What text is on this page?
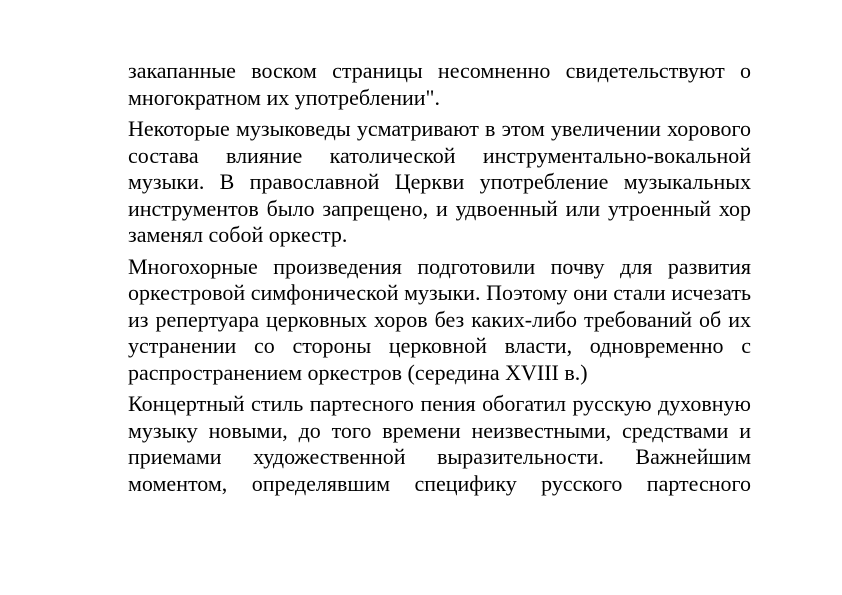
закапанные воском страницы несомненно свидетельствуют о многократном их употреблении".

Некоторые музыковеды усматривают в этом увеличении хорового состава влияние католической инструментально-вокальной музыки. В православной Церкви употребление музыкальных инструментов было запрещено, и удвоенный или утроенный хор заменял собой оркестр.

Многохорные произведения подготовили почву для развития оркестровой симфонической музыки. Поэтому они стали исчезать из репертуара церковных хоров без каких-либо требований об их устранении со стороны церковной власти, одновременно с распространением оркестров (середина XVIII в.)

Концертный стиль партесного пения обогатил русскую духовную музыку новыми, до того времени неизвестными, средствами и приемами художественной выразительности. Важнейшим моментом, определявшим специфику русского партесного
